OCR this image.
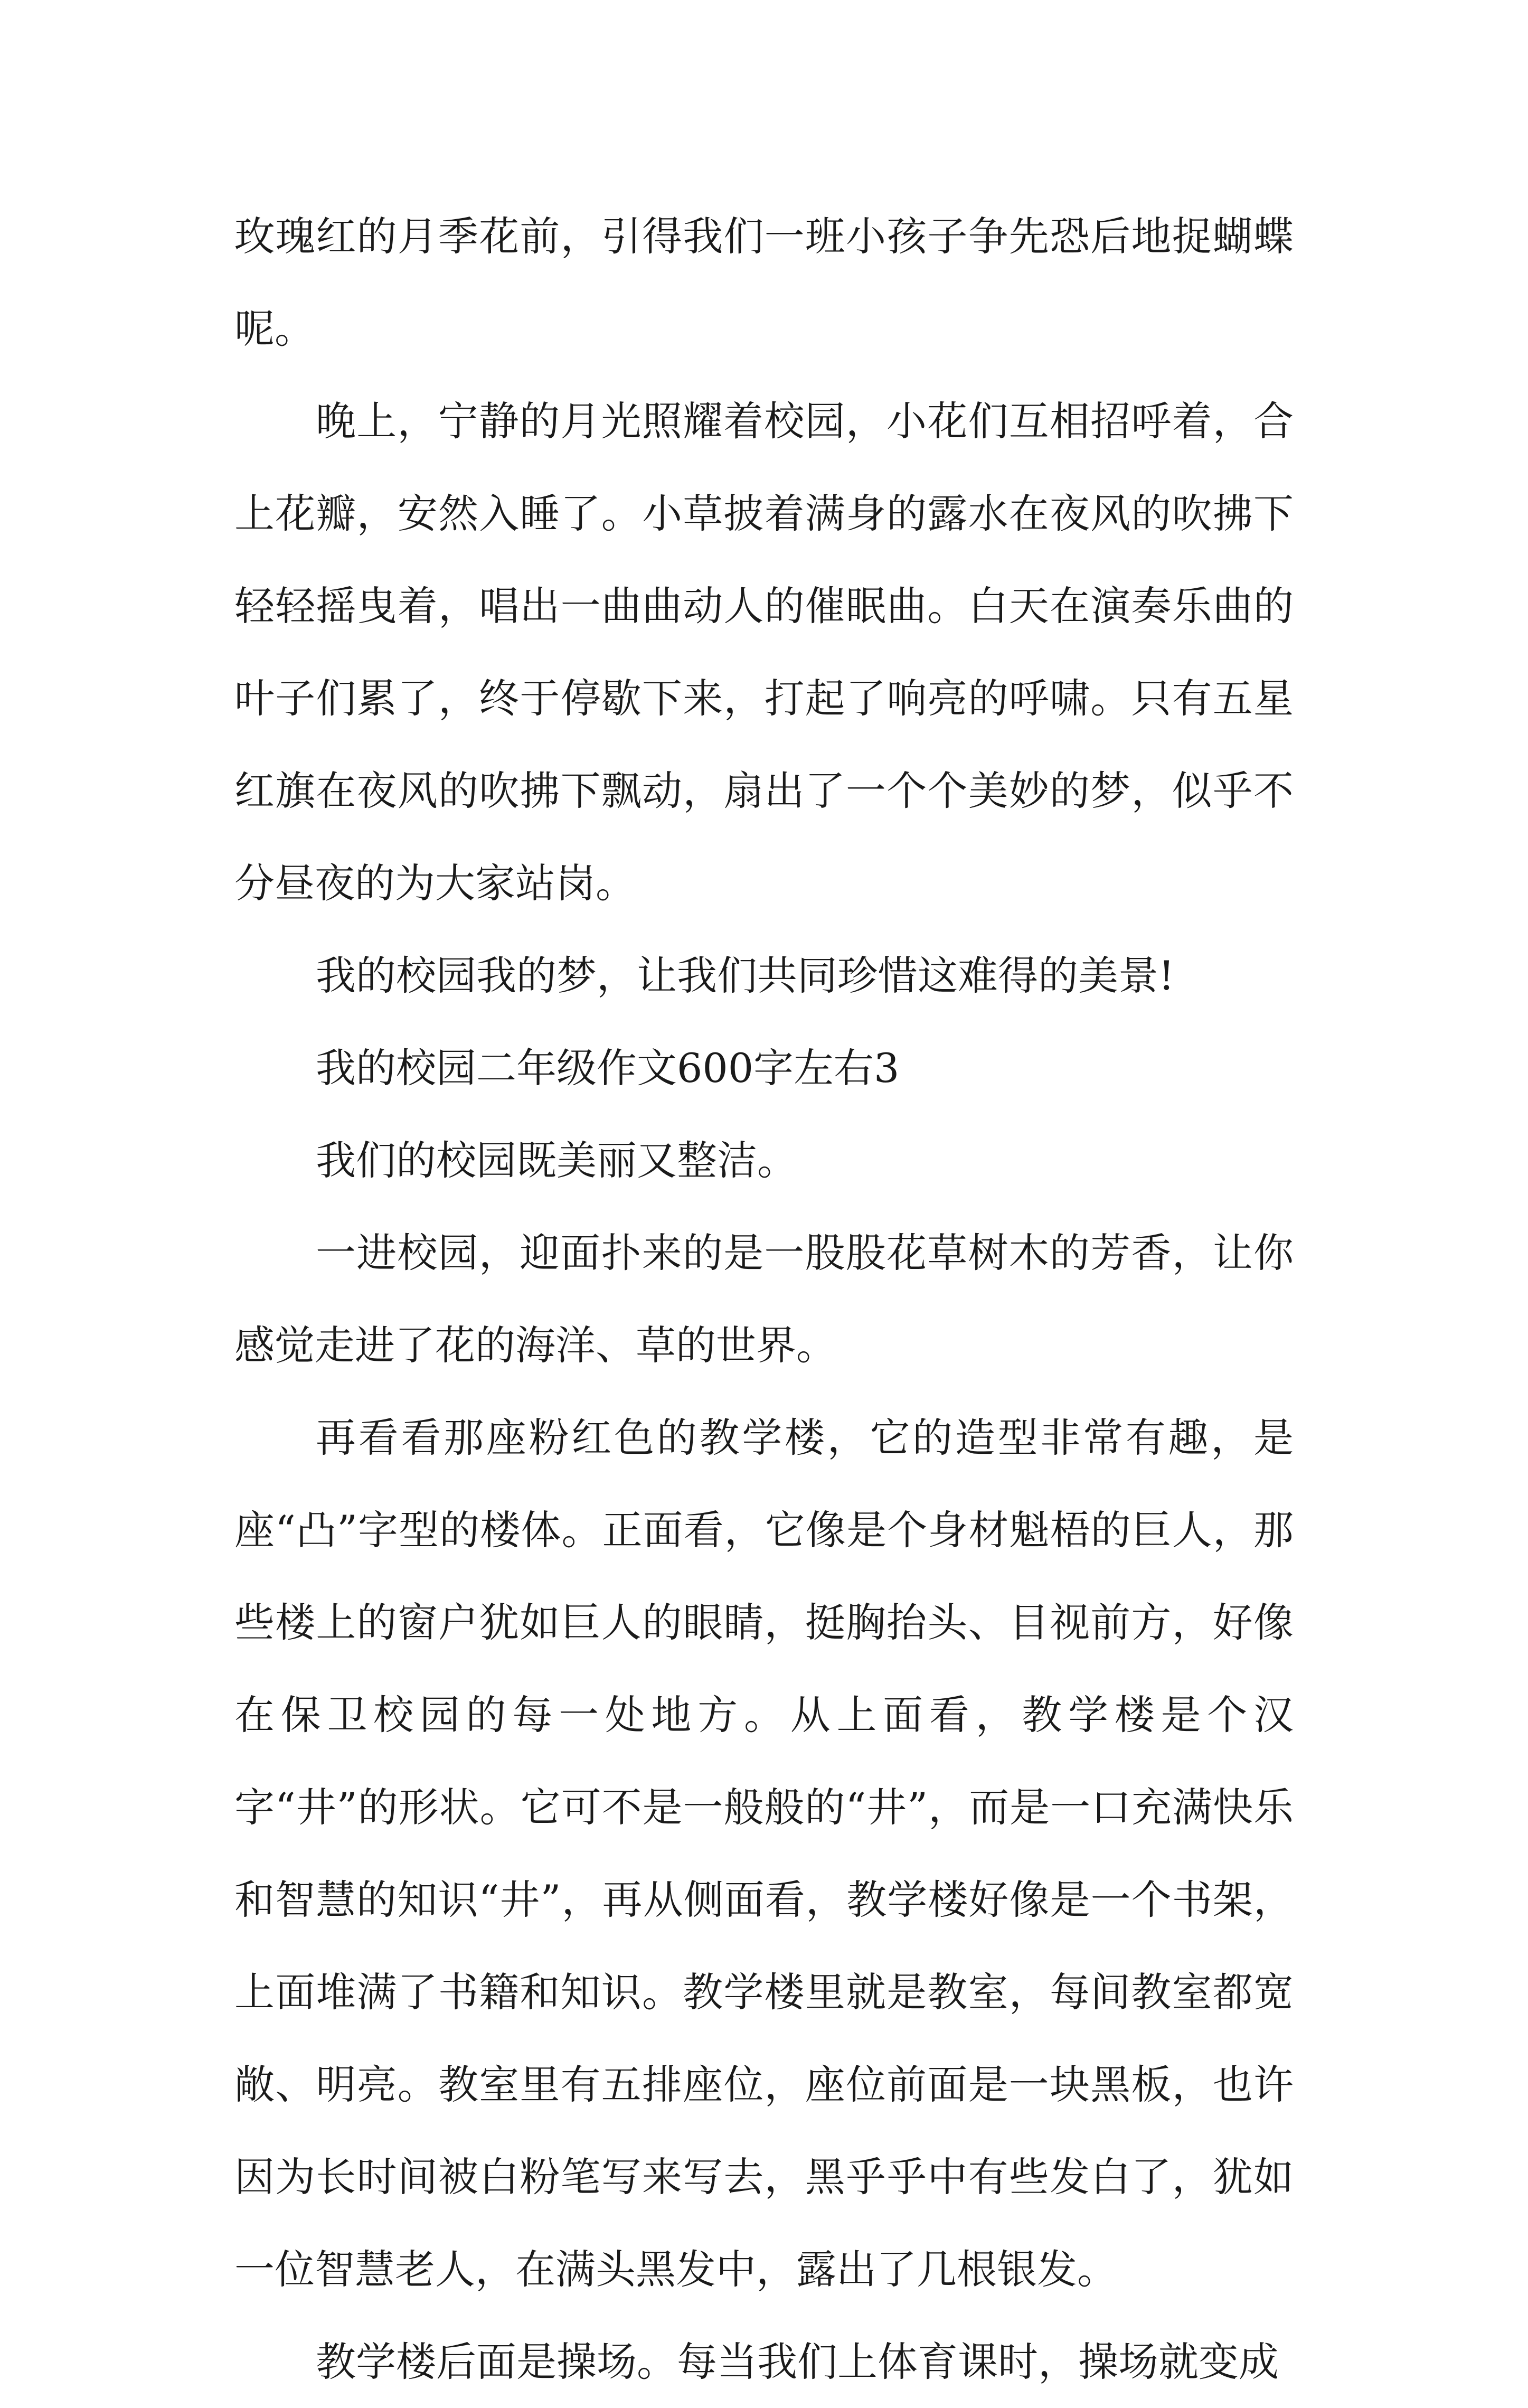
玫瑰红的月季花前，引得我们一班小孩子争先恐后地捉蝴蝶呢。

晚上，宁静的月光照耀着校园，小花们互相招呼着，合上花瓣，安然入睡了。小草披着满身的露水在夜风的吹拂下轻轻摇曳着，唱出一曲曲动人的催眠曲。白天在演奏乐曲的叶子们累了，终于停歇下来，打起了响亮的呼啸。只有五星红旗在夜风的吹拂下飘动，扇出了一个个美妙的梦，似乎不分昼夜的为大家站岗。

我的校园我的梦，让我们共同珍惜这难得的美景!

我的校园二年级作文600字左右3

我们的校园既美丽又整洁。

一进校园，迎面扑来的是一股股花草树木的芳香，让你感觉走进了花的海洋、草的世界。

再看看那座粉红色的教学楼，它的造型非常有趣，是座“凸”字型的楼体。正面看，它像是个身材魁梧的巨人，那些楼上的窗户犹如巨人的眼睛，挺胸抬头、目视前方，好像在保卫校园的每一处地方。从上面看，教学楼是个汉字“井”的形状。它可不是一般般的“井”，而是一口充满快乐和智慧的知识“井”，再从侧面看，教学楼好像是一个书架，上面堆满了书籍和知识。教学楼里就是教室，每间教室都宽敞、明亮。教室里有五排座位，座位前面是一块黑板，也许因为长时间被白粉笔写来写去，黑乎乎中有些发白了，犹如一位智慧老人，在满头黑发中，露出了几根银发。

教学楼后面是操场。每当我们上体育课时，操场就变成
